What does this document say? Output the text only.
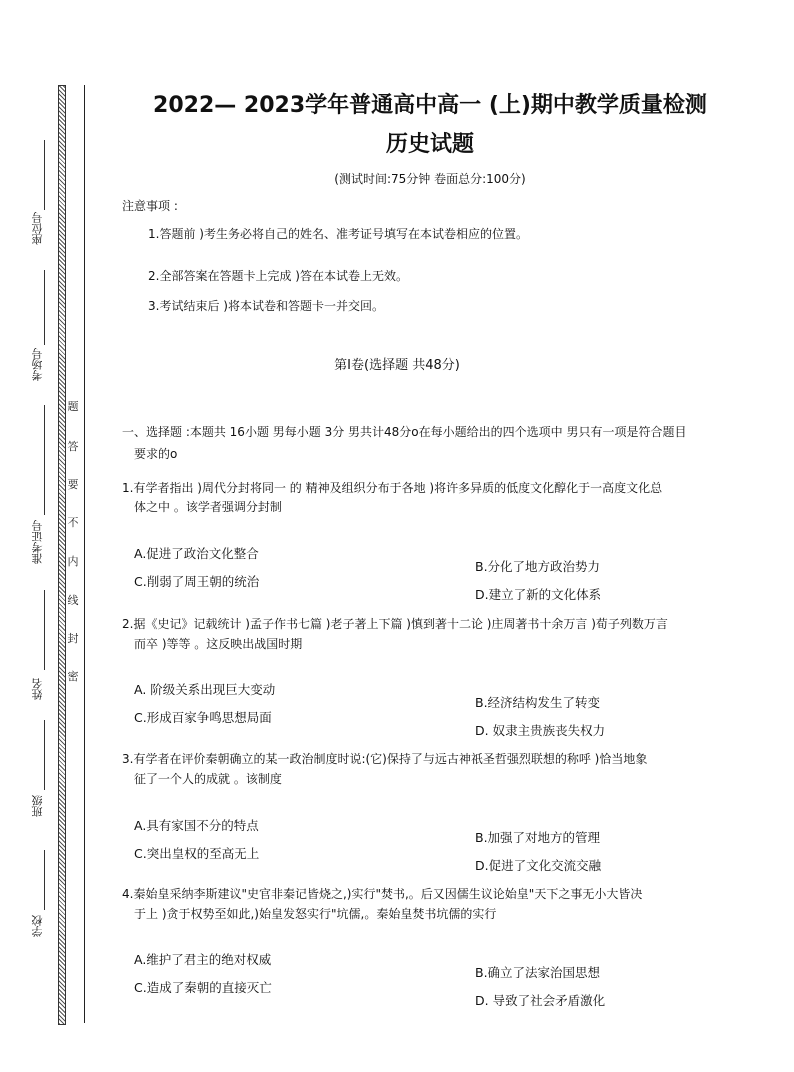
题
答
要
不
内
线
封
密
座位号
考场号
准考证号
姓名
班级
学校
2022— 2023学年普通高中高一 (上)期中教学质量检测
历史试题
(测试时间:75分钟 卷面总分:100分)
注意事项 :
1.答题前 )考生务必将自己的姓名、准考证号填写在本试卷相应的位置。
2.全部答案在答题卡上完成 )答在本试卷上无效。
3.考试结束后 )将本试卷和答题卡一并交回。
第Ⅰ卷(选择题 共48分)
一、选择题 :本题共 16小题 男每小题 3分 男共计48分o在每小题给出的四个选项中 男只有一项是符合题目
要求的o
1.有学者指出 )周代分封将同一 的 精神及组织分布于各地 )将许多异质的低度文化醇化于一高度文化总
体之中 。该学者强调分封制
A.促进了政治文化整合
B.分化了地方政治势力
C.削弱了周王朝的统治
D.建立了新的文化体系
2.据《史记》记载统计 )孟子作书七篇 )老子著上下篇 )慎到著十二论 )庄周著书十余万言 )荀子列数万言
而卒 )等等 。这反映出战国时期
A. 阶级关系出现巨大变动
B.经济结构发生了转变
C.形成百家争鸣思想局面
D. 奴隶主贵族丧失权力
3.有学者在评价秦朝确立的某一政治制度时说:(它)保持了与远古神祇圣哲强烈联想的称呼 )恰当地象
征了一个人的成就 。该制度
A.具有家国不分的特点
B.加强了对地方的管理
C.突出皇权的至高无上
D.促进了文化交流交融
4.秦始皇采纳李斯建议"史官非秦记皆烧之,)实行"焚书,。后又因儒生议论始皇"天下之事无小大皆决
于上 )贪于权势至如此,)始皇发怒实行"坑儒,。秦始皇焚书坑儒的实行
A.维护了君主的绝对权威
B.确立了法家治国思想
C.造成了秦朝的直接灭亡
D. 导致了社会矛盾激化
